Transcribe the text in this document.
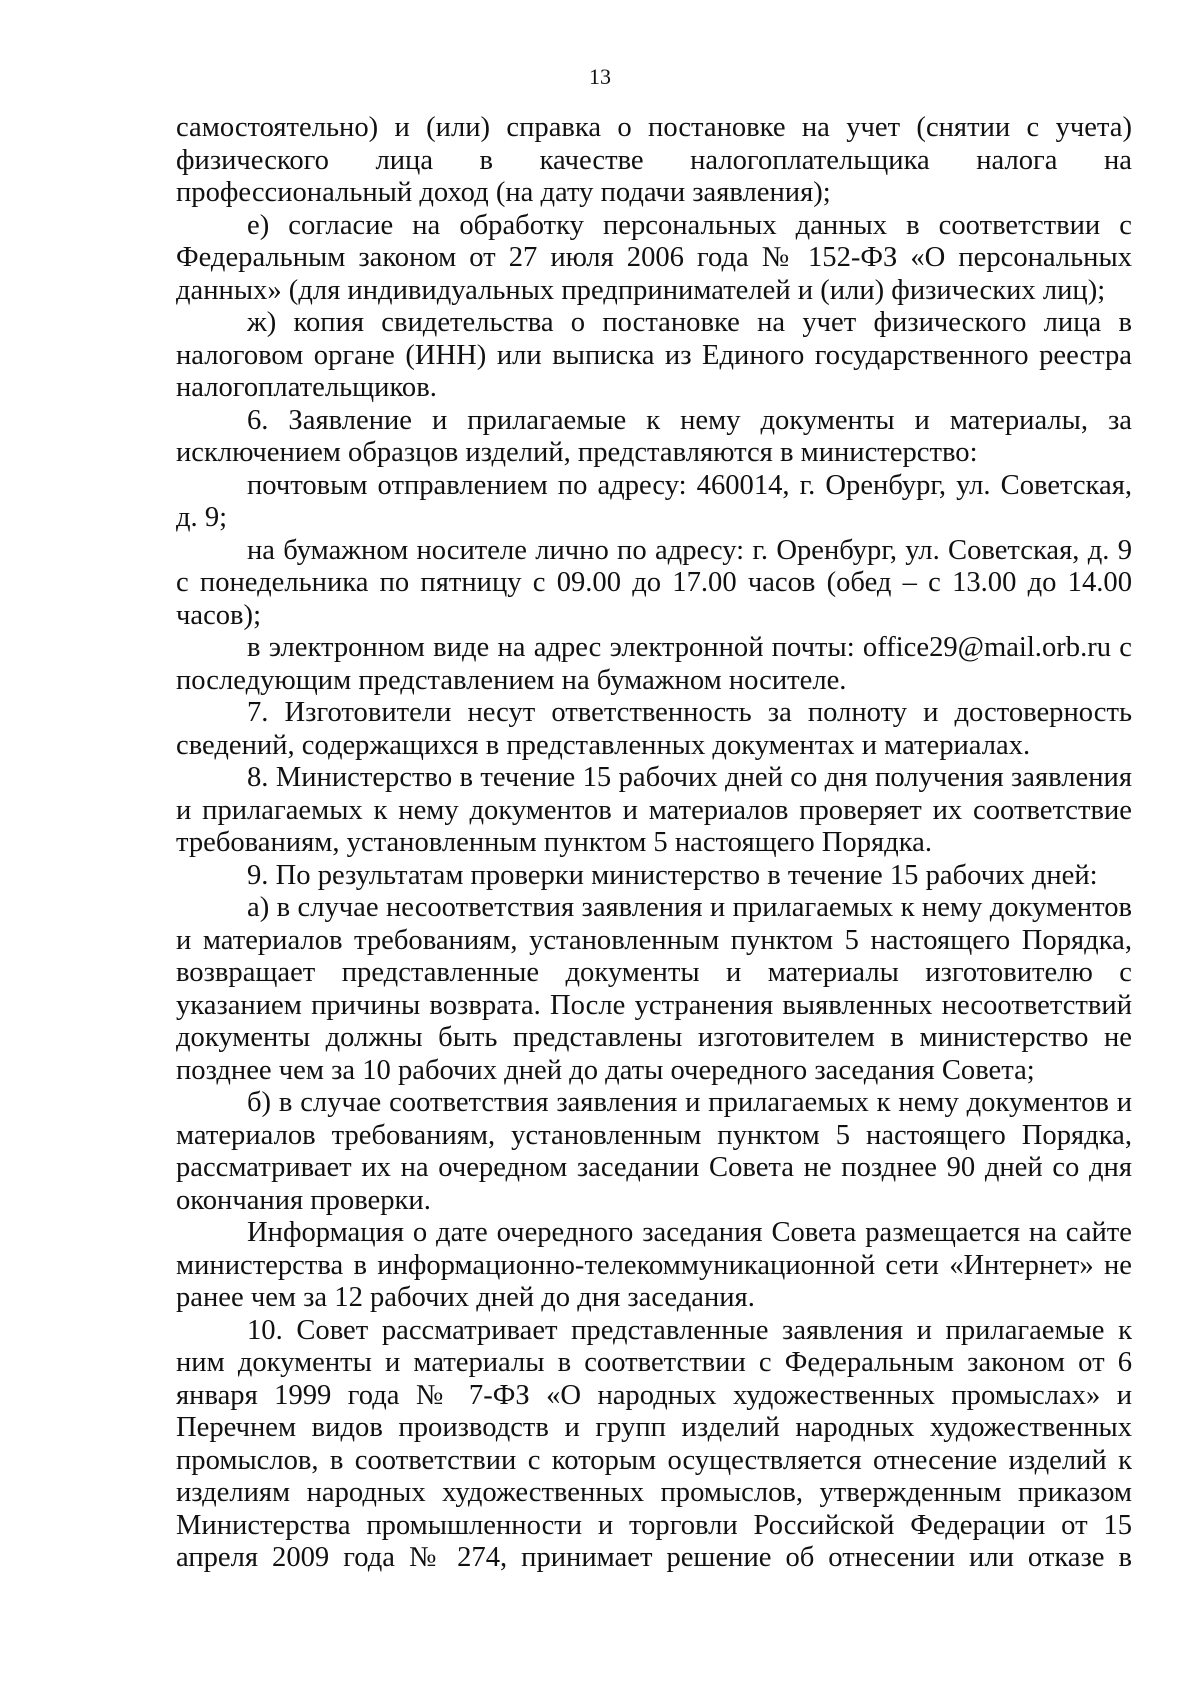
13

самостоятельно) и (или) справка о постановке на учет (снятии с учета) физического лица в качестве налогоплательщика налога на профессиональный доход (на дату подачи заявления);

е) согласие на обработку персональных данных в соответствии с Федеральным законом от 27 июля 2006 года № 152-ФЗ «О персональных данных» (для индивидуальных предпринимателей и (или) физических лиц);

ж) копия свидетельства о постановке на учет физического лица в налоговом органе (ИНН) или выписка из Единого государственного реестра налогоплательщиков.

6. Заявление и прилагаемые к нему документы и материалы, за исключением образцов изделий, представляются в министерство:

почтовым отправлением по адресу: 460014, г. Оренбург, ул. Советская, д. 9;

на бумажном носителе лично по адресу: г. Оренбург, ул. Советская, д. 9 с понедельника по пятницу с 09.00 до 17.00 часов (обед – с 13.00 до 14.00 часов);

в электронном виде на адрес электронной почты: office29@mail.orb.ru с последующим представлением на бумажном носителе.

7. Изготовители несут ответственность за полноту и достоверность сведений, содержащихся в представленных документах и материалах.

8. Министерство в течение 15 рабочих дней со дня получения заявления и прилагаемых к нему документов и материалов проверяет их соответствие требованиям, установленным пунктом 5 настоящего Порядка.

9. По результатам проверки министерство в течение 15 рабочих дней:

а) в случае несоответствия заявления и прилагаемых к нему документов и материалов требованиям, установленным пунктом 5 настоящего Порядка, возвращает представленные документы и материалы изготовителю с указанием причины возврата. После устранения выявленных несоответствий документы должны быть представлены изготовителем в министерство не позднее чем за 10 рабочих дней до даты очередного заседания Совета;

б) в случае соответствия заявления и прилагаемых к нему документов и материалов требованиям, установленным пунктом 5 настоящего Порядка, рассматривает их на очередном заседании Совета не позднее 90 дней со дня окончания проверки.

Информация о дате очередного заседания Совета размещается на сайте министерства в информационно-телекоммуникационной сети «Интернет» не ранее чем за 12 рабочих дней до дня заседания.

10. Совет рассматривает представленные заявления и прилагаемые к ним документы и материалы в соответствии с Федеральным законом от 6 января 1999 года № 7-ФЗ «О народных художественных промыслах» и Перечнем видов производств и групп изделий народных художественных промыслов, в соответствии с которым осуществляется отнесение изделий к изделиям народных художественных промыслов, утвержденным приказом Министерства промышленности и торговли Российской Федерации от 15 апреля 2009 года № 274, принимает решение об отнесении или отказе в
